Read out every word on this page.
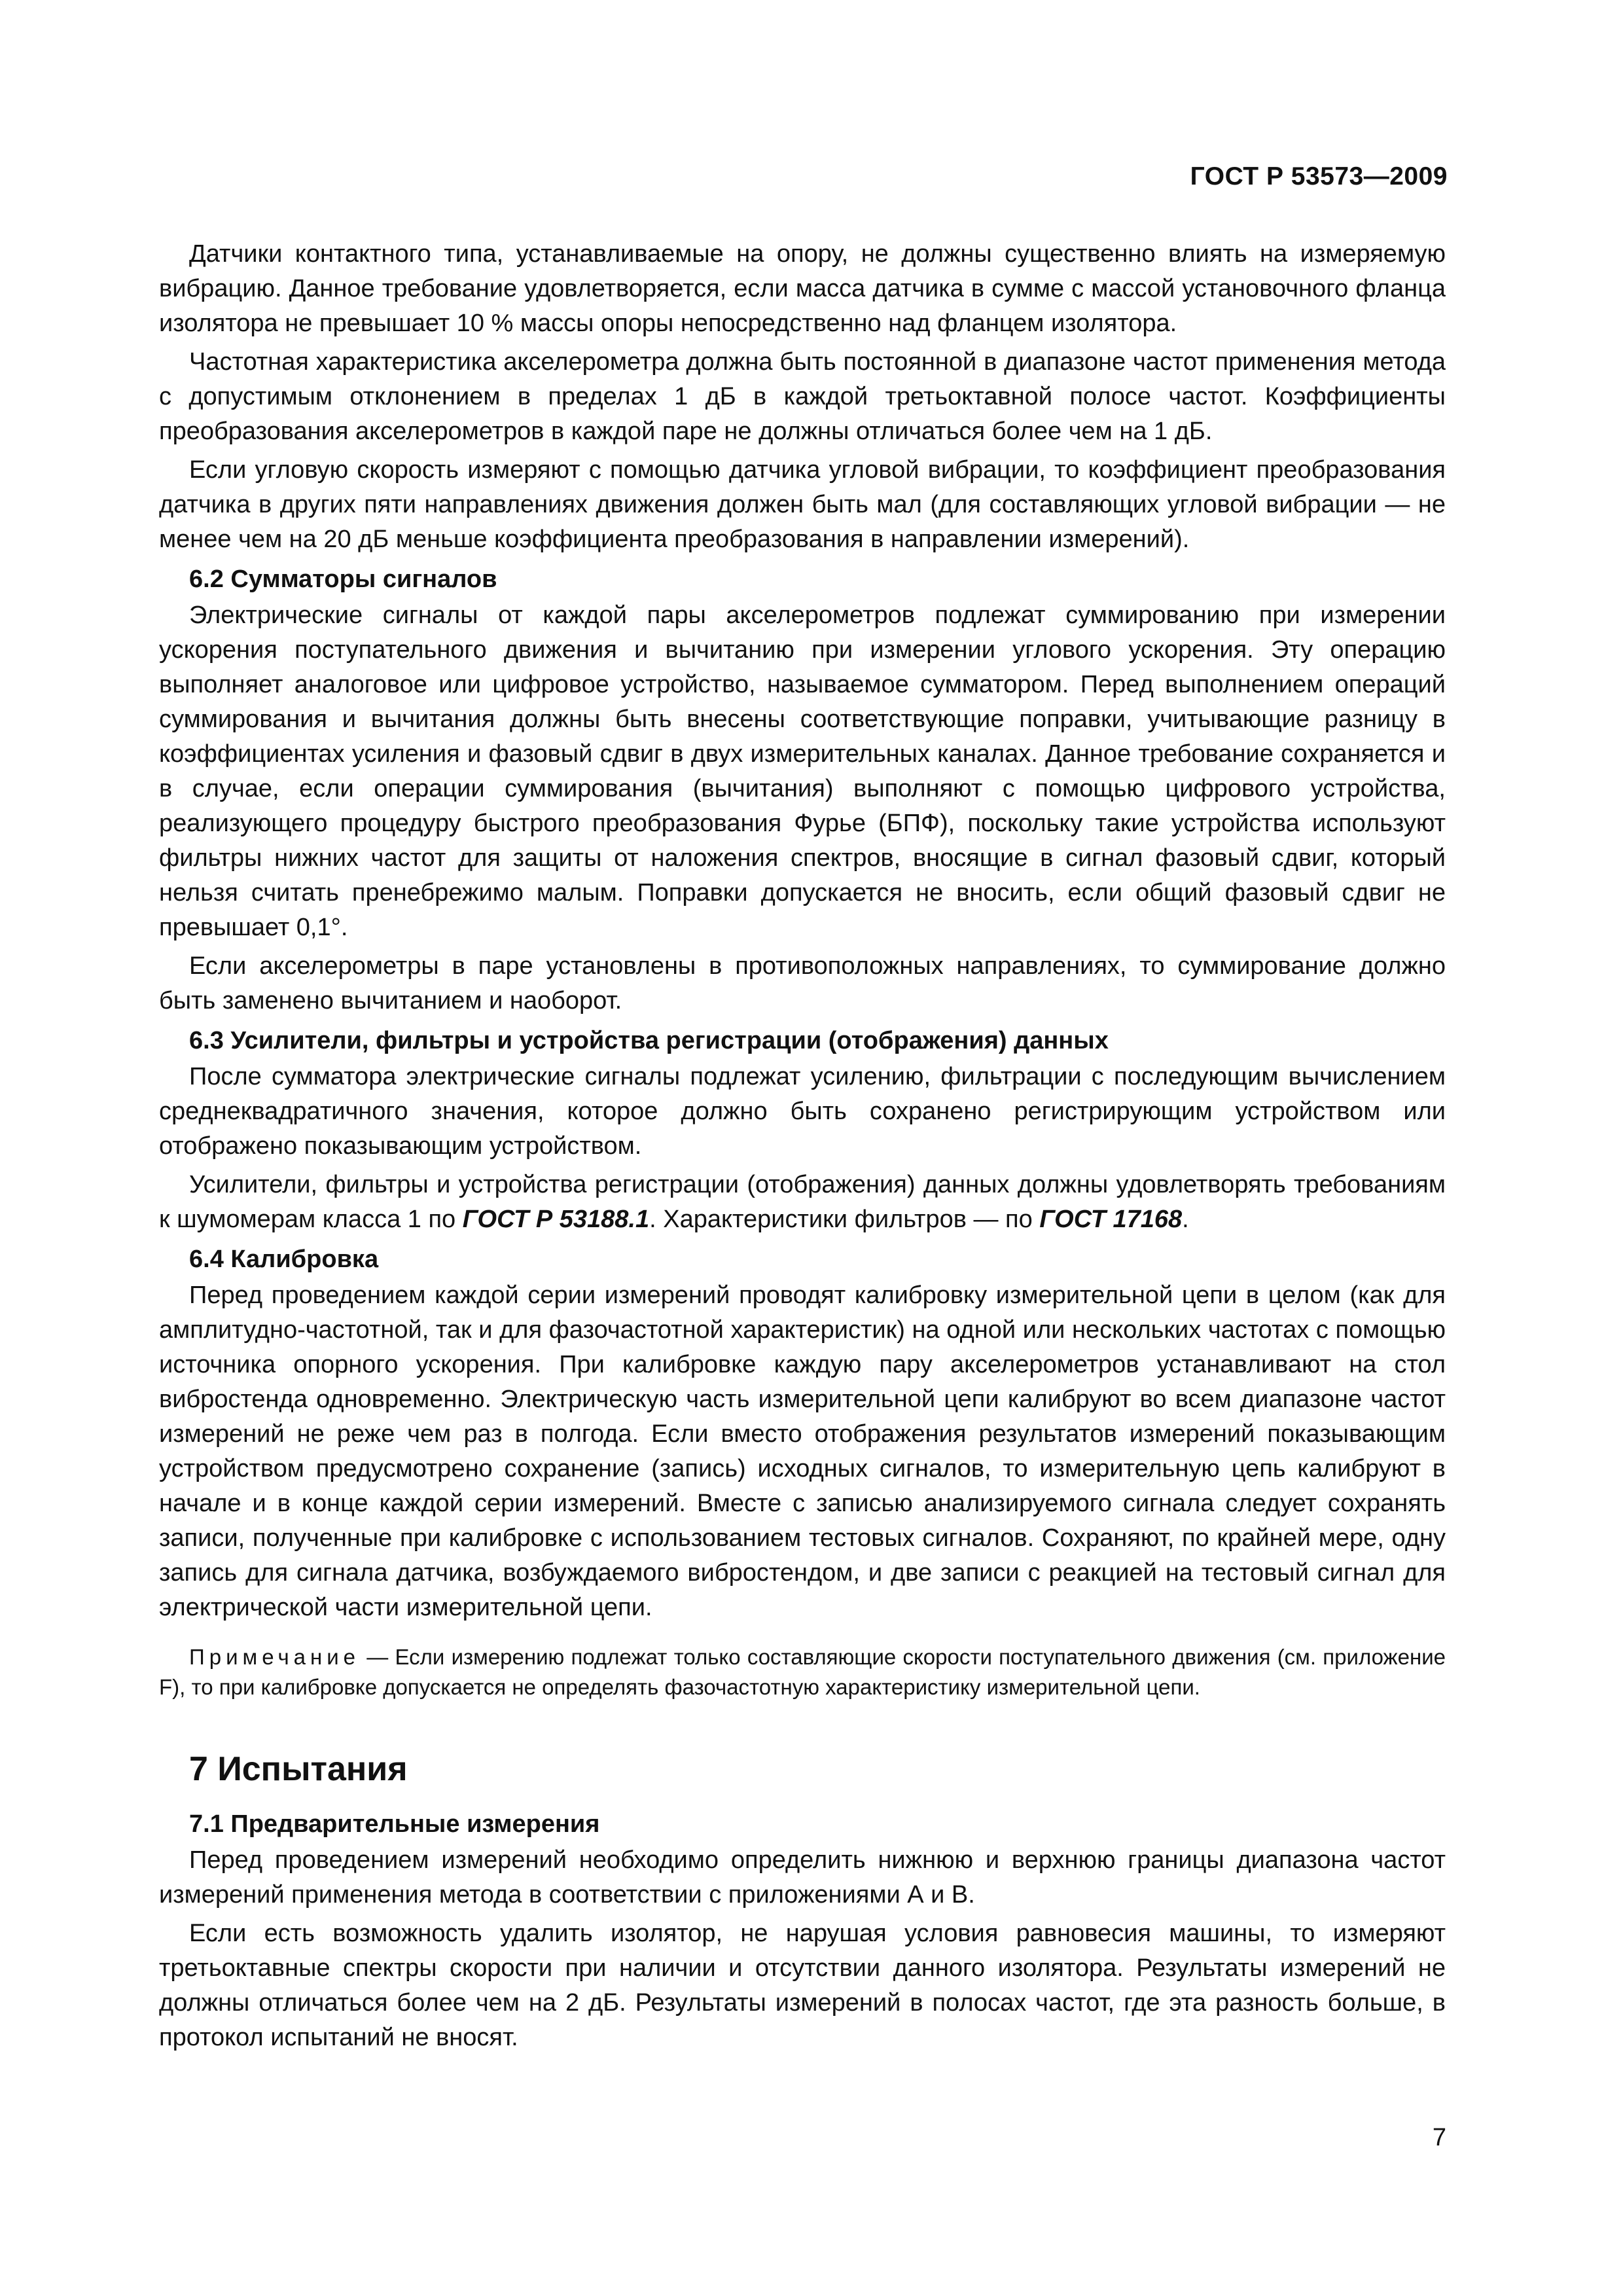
ГОСТ Р 53573—2009

Датчики контактного типа, устанавливаемые на опору, не должны существенно влиять на измеряемую вибрацию. Данное требование удовлетворяется, если масса датчика в сумме с массой установочного фланца изолятора не превышает 10 % массы опоры непосредственно над фланцем изолятора.

Частотная характеристика акселерометра должна быть постоянной в диапазоне частот применения метода с допустимым отклонением в пределах 1 дБ в каждой третьоктавной полосе частот. Коэффициенты преобразования акселерометров в каждой паре не должны отличаться более чем на 1 дБ.

Если угловую скорость измеряют с помощью датчика угловой вибрации, то коэффициент преобразования датчика в других пяти направлениях движения должен быть мал (для составляющих угловой вибрации — не менее чем на 20 дБ меньше коэффициента преобразования в направлении измерений).

6.2 Сумматоры сигналов

Электрические сигналы от каждой пары акселерометров подлежат суммированию при измерении ускорения поступательного движения и вычитанию при измерении углового ускорения. Эту операцию выполняет аналоговое или цифровое устройство, называемое сумматором. Перед выполнением операций суммирования и вычитания должны быть внесены соответствующие поправки, учитывающие разницу в коэффициентах усиления и фазовый сдвиг в двух измерительных каналах. Данное требование сохраняется и в случае, если операции суммирования (вычитания) выполняют с помощью цифрового устройства, реализующего процедуру быстрого преобразования Фурье (БПФ), поскольку такие устройства используют фильтры нижних частот для защиты от наложения спектров, вносящие в сигнал фазовый сдвиг, который нельзя считать пренебрежимо малым. Поправки допускается не вносить, если общий фазовый сдвиг не превышает 0,1°.

Если акселерометры в паре установлены в противоположных направлениях, то суммирование должно быть заменено вычитанием и наоборот.

6.3 Усилители, фильтры и устройства регистрации (отображения) данных

После сумматора электрические сигналы подлежат усилению, фильтрации с последующим вычислением среднеквадратичного значения, которое должно быть сохранено регистрирующим устройством или отображено показывающим устройством.

Усилители, фильтры и устройства регистрации (отображения) данных должны удовлетворять требованиям к шумомерам класса 1 по ГОСТ Р 53188.1. Характеристики фильтров — по ГОСТ 17168.

6.4 Калибровка

Перед проведением каждой серии измерений проводят калибровку измерительной цепи в целом (как для амплитудно-частотной, так и для фазочастотной характеристик) на одной или нескольких частотах с помощью источника опорного ускорения. При калибровке каждую пару акселерометров устанавливают на стол вибростенда одновременно. Электрическую часть измерительной цепи калибруют во всем диапазоне частот измерений не реже чем раз в полгода. Если вместо отображения результатов измерений показывающим устройством предусмотрено сохранение (запись) исходных сигналов, то измерительную цепь калибруют в начале и в конце каждой серии измерений. Вместе с записью анализируемого сигнала следует сохранять записи, полученные при калибровке с использованием тестовых сигналов. Сохраняют, по крайней мере, одну запись для сигнала датчика, возбуждаемого вибростендом, и две записи с реакцией на тестовый сигнал для электрической части измерительной цепи.

Примечание — Если измерению подлежат только составляющие скорости поступательного движения (см. приложение F), то при калибровке допускается не определять фазочастотную характеристику измерительной цепи.

7 Испытания

7.1 Предварительные измерения

Перед проведением измерений необходимо определить нижнюю и верхнюю границы диапазона частот измерений применения метода в соответствии с приложениями А и В.

Если есть возможность удалить изолятор, не нарушая условия равновесия машины, то измеряют третьоктавные спектры скорости при наличии и отсутствии данного изолятора. Результаты измерений не должны отличаться более чем на 2 дБ. Результаты измерений в полосах частот, где эта разность больше, в протокол испытаний не вносят.

7
